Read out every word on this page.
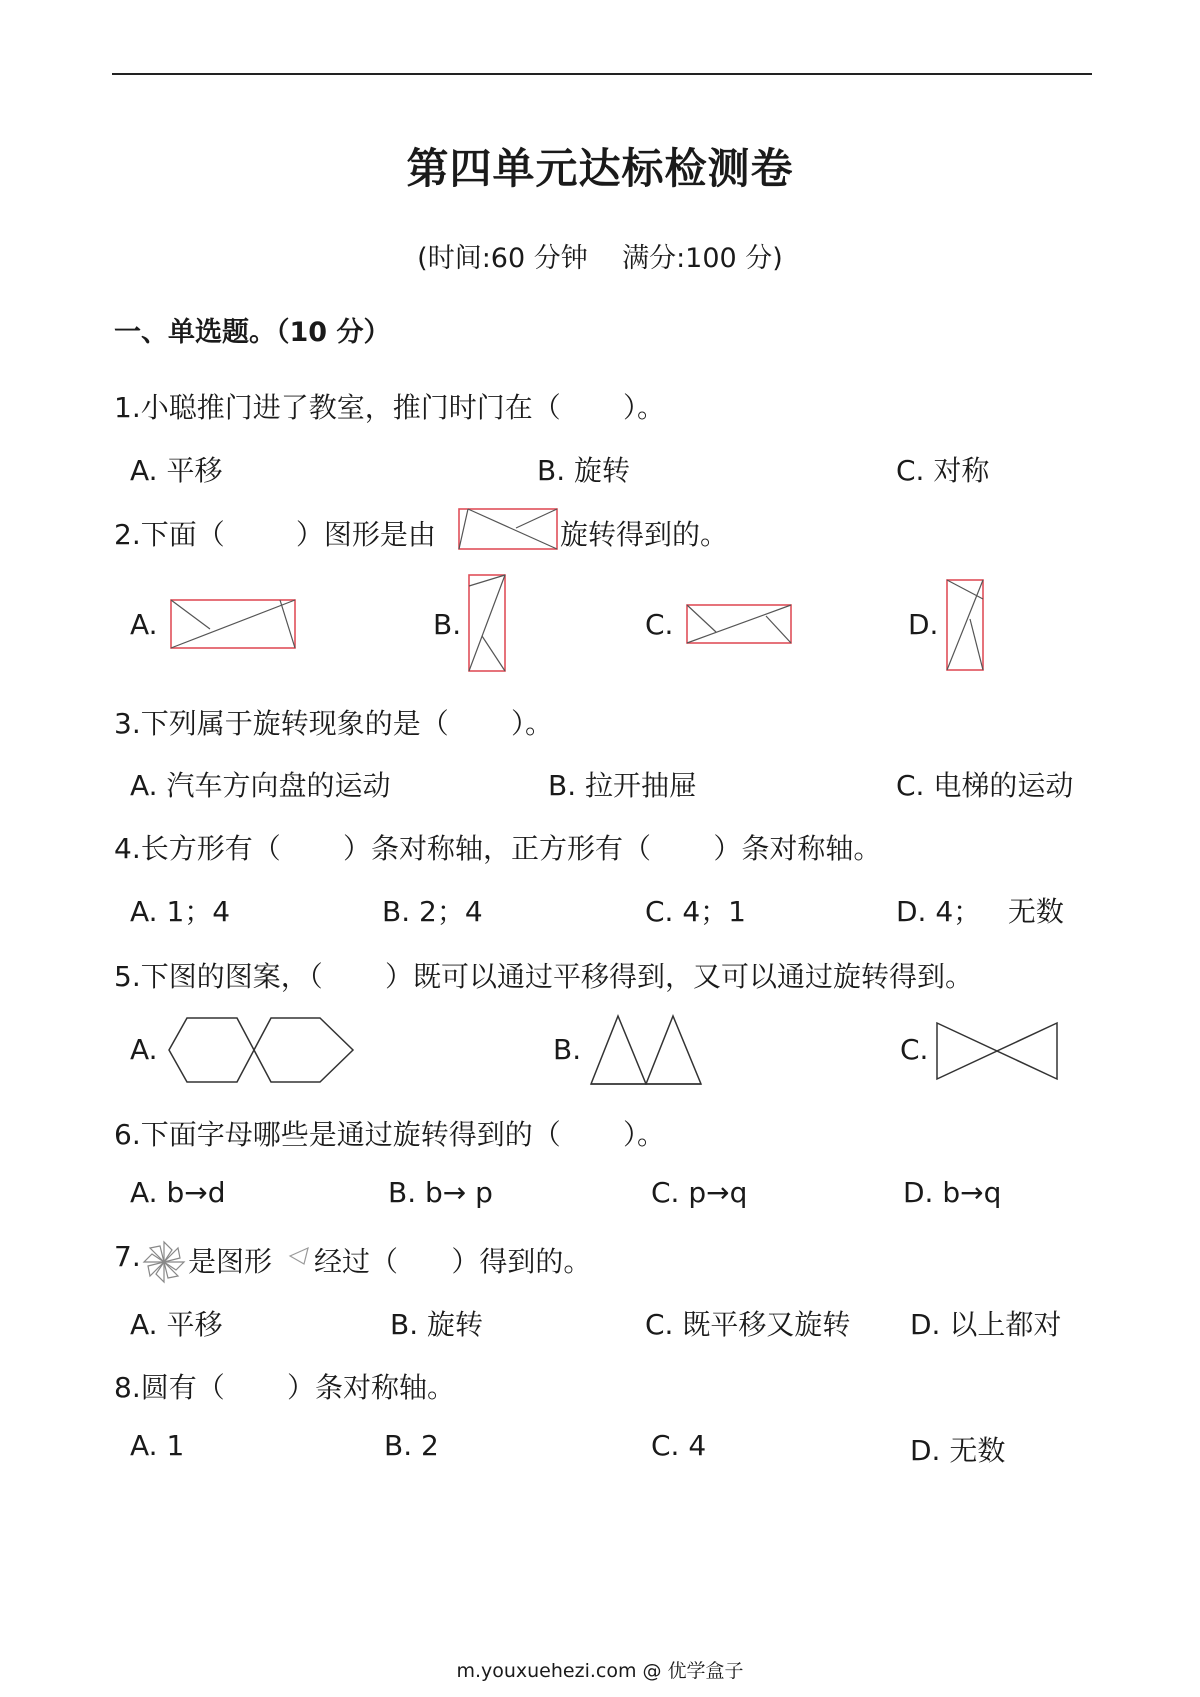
第四单元达标检测卷
(时间:60 分钟    满分:100 分)
一、单选题。（10 分）
1.小聪推门进了教室，推门时门在（       ）。
A. 平移	B. 旋转	C. 对称
2.下面（        ）图形是由	旋转得到的。
A.	B.	C.	D.
3.下列属于旋转现象的是（       ）。
A. 汽车方向盘的运动	B. 拉开抽屉	C. 电梯的运动
4.长方形有（       ）条对称轴，正方形有（       ）条对称轴。
A. 1；4	B. 2；4	C. 4；1	D. 4；   无数
5.下图的图案，（       ）既可以通过平移得到，又可以通过旋转得到。
A.	B.	C.
6.下面字母哪些是通过旋转得到的（       ）。
A. b→d	B. b→ p	C. p→q	D. b→q
7. 是图形 经过（      ）得到的。
A. 平移	B. 旋转	C. 既平移又旋转 D. 以上都对
8.圆有（       ）条对称轴。
A. 1	B. 2	C. 4	D. 无数
m.youxuehezi.com @ 优学盒子
